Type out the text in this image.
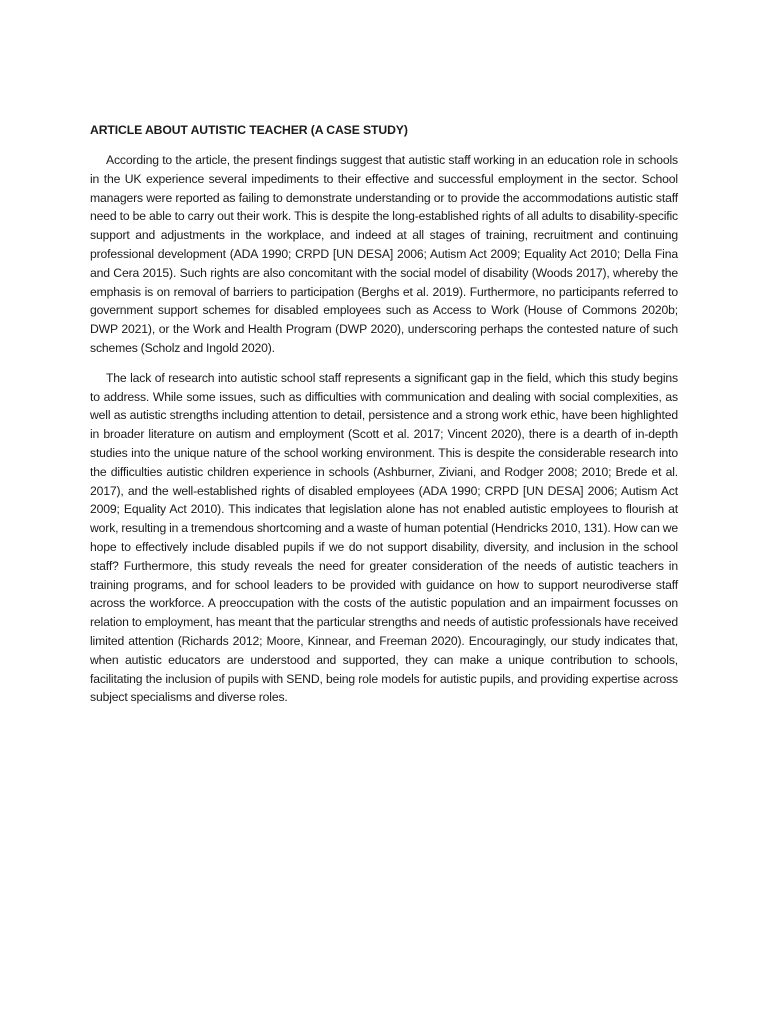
ARTICLE ABOUT AUTISTIC TEACHER (A CASE STUDY)

According to the article, the present findings suggest that autistic staff working in an education role in schools in the UK experience several impediments to their effective and successful employment in the sector. School managers were reported as failing to demonstrate understanding or to provide the accommodations autistic staff need to be able to carry out their work. This is despite the long-established rights of all adults to disability-specific support and adjustments in the workplace, and indeed at all stages of training, recruitment and continuing professional development (ADA 1990; CRPD [UN DESA] 2006; Autism Act 2009; Equality Act 2010; Della Fina and Cera 2015). Such rights are also concomitant with the social model of disability (Woods 2017), whereby the emphasis is on removal of barriers to participation (Berghs et al. 2019). Furthermore, no participants referred to government support schemes for disabled employees such as Access to Work (House of Commons 2020b; DWP 2021), or the Work and Health Program (DWP 2020), underscoring perhaps the contested nature of such schemes (Scholz and Ingold 2020).

The lack of research into autistic school staff represents a significant gap in the field, which this study begins to address. While some issues, such as difficulties with communication and dealing with social complexities, as well as autistic strengths including attention to detail, persistence and a strong work ethic, have been highlighted in broader literature on autism and employment (Scott et al. 2017; Vincent 2020), there is a dearth of in-depth studies into the unique nature of the school working environment. This is despite the considerable research into the difficulties autistic children experience in schools (Ashburner, Ziviani, and Rodger 2008; 2010; Brede et al. 2017), and the well-established rights of disabled employees (ADA 1990; CRPD [UN DESA] 2006; Autism Act 2009; Equality Act 2010). This indicates that legislation alone has not enabled autistic employees to flourish at work, resulting in a tremendous shortcoming and a waste of human potential (Hendricks 2010, 131). How can we hope to effectively include disabled pupils if we do not support disability, diversity, and inclusion in the school staff? Furthermore, this study reveals the need for greater consideration of the needs of autistic teachers in training programs, and for school leaders to be provided with guidance on how to support neurodiverse staff across the workforce. A preoccupation with the costs of the autistic population and an impairment focusses on relation to employment, has meant that the particular strengths and needs of autistic professionals have received limited attention (Richards 2012; Moore, Kinnear, and Freeman 2020). Encouragingly, our study indicates that, when autistic educators are understood and supported, they can make a unique contribution to schools, facilitating the inclusion of pupils with SEND, being role models for autistic pupils, and providing expertise across subject specialisms and diverse roles.
